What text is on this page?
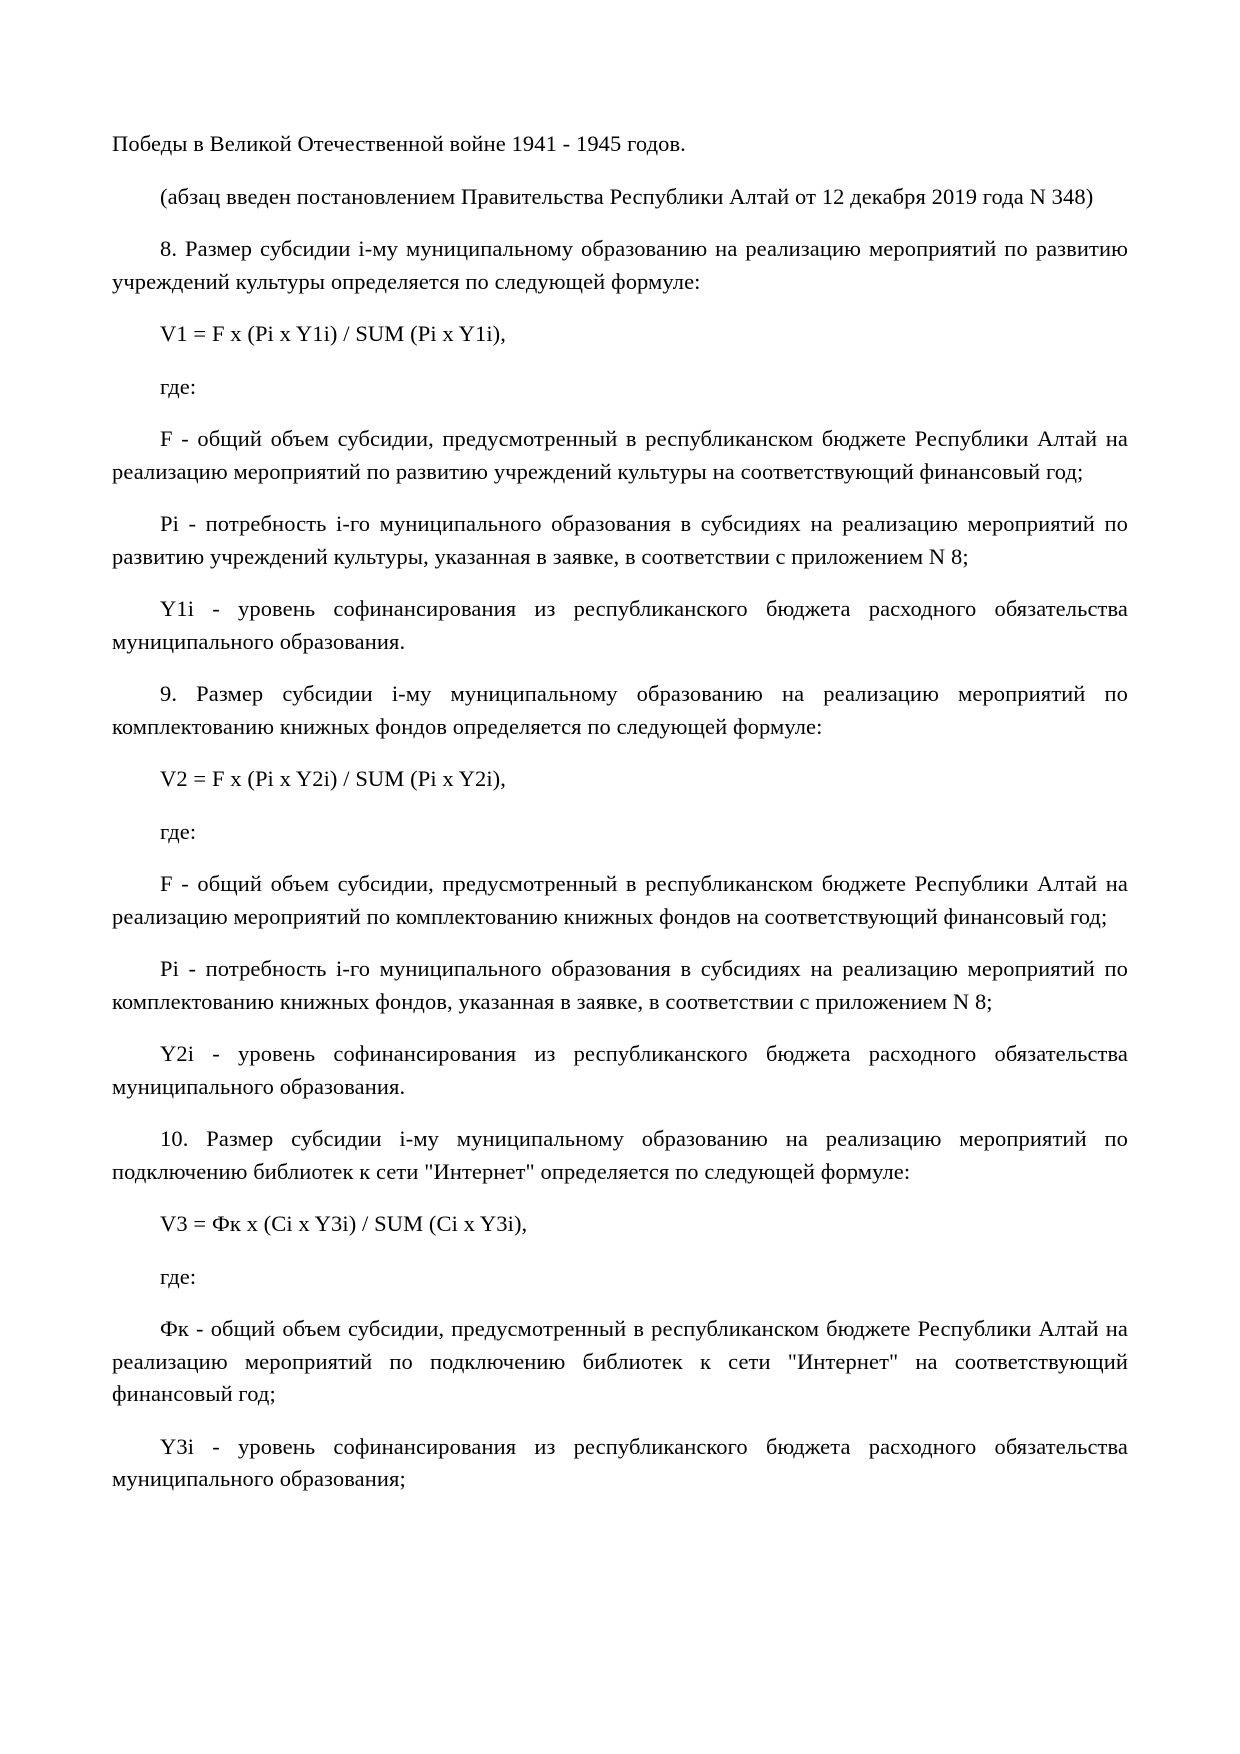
Победы в Великой Отечественной войне 1941 - 1945 годов.

(абзац введен постановлением Правительства Республики Алтай от 12 декабря 2019 года N 348)

8. Размер субсидии i-му муниципальному образованию на реализацию мероприятий по развитию учреждений культуры определяется по следующей формуле:

V1 = F x (Pi x Y1i) / SUM (Pi x Y1i),

где:

F - общий объем субсидии, предусмотренный в республиканском бюджете Республики Алтай на реализацию мероприятий по развитию учреждений культуры на соответствующий финансовый год;

Pi - потребность i-го муниципального образования в субсидиях на реализацию мероприятий по развитию учреждений культуры, указанная в заявке, в соответствии с приложением N 8;

Y1i - уровень софинансирования из республиканского бюджета расходного обязательства муниципального образования.

9. Размер субсидии i-му муниципальному образованию на реализацию мероприятий по комплектованию книжных фондов определяется по следующей формуле:

V2 = F x (Pi x Y2i) / SUM (Pi x Y2i),

где:

F - общий объем субсидии, предусмотренный в республиканском бюджете Республики Алтай на реализацию мероприятий по комплектованию книжных фондов на соответствующий финансовый год;

Pi - потребность i-го муниципального образования в субсидиях на реализацию мероприятий по комплектованию книжных фондов, указанная в заявке, в соответствии с приложением N 8;

Y2i - уровень софинансирования из республиканского бюджета расходного обязательства муниципального образования.

10. Размер субсидии i-му муниципальному образованию на реализацию мероприятий по подключению библиотек к сети "Интернет" определяется по следующей формуле:

V3 = Фк x (Ci x Y3i) / SUM (Ci x Y3i),

где:

Фк - общий объем субсидии, предусмотренный в республиканском бюджете Республики Алтай на реализацию мероприятий по подключению библиотек к сети "Интернет" на соответствующий финансовый год;

Y3i - уровень софинансирования из республиканского бюджета расходного обязательства муниципального образования;
